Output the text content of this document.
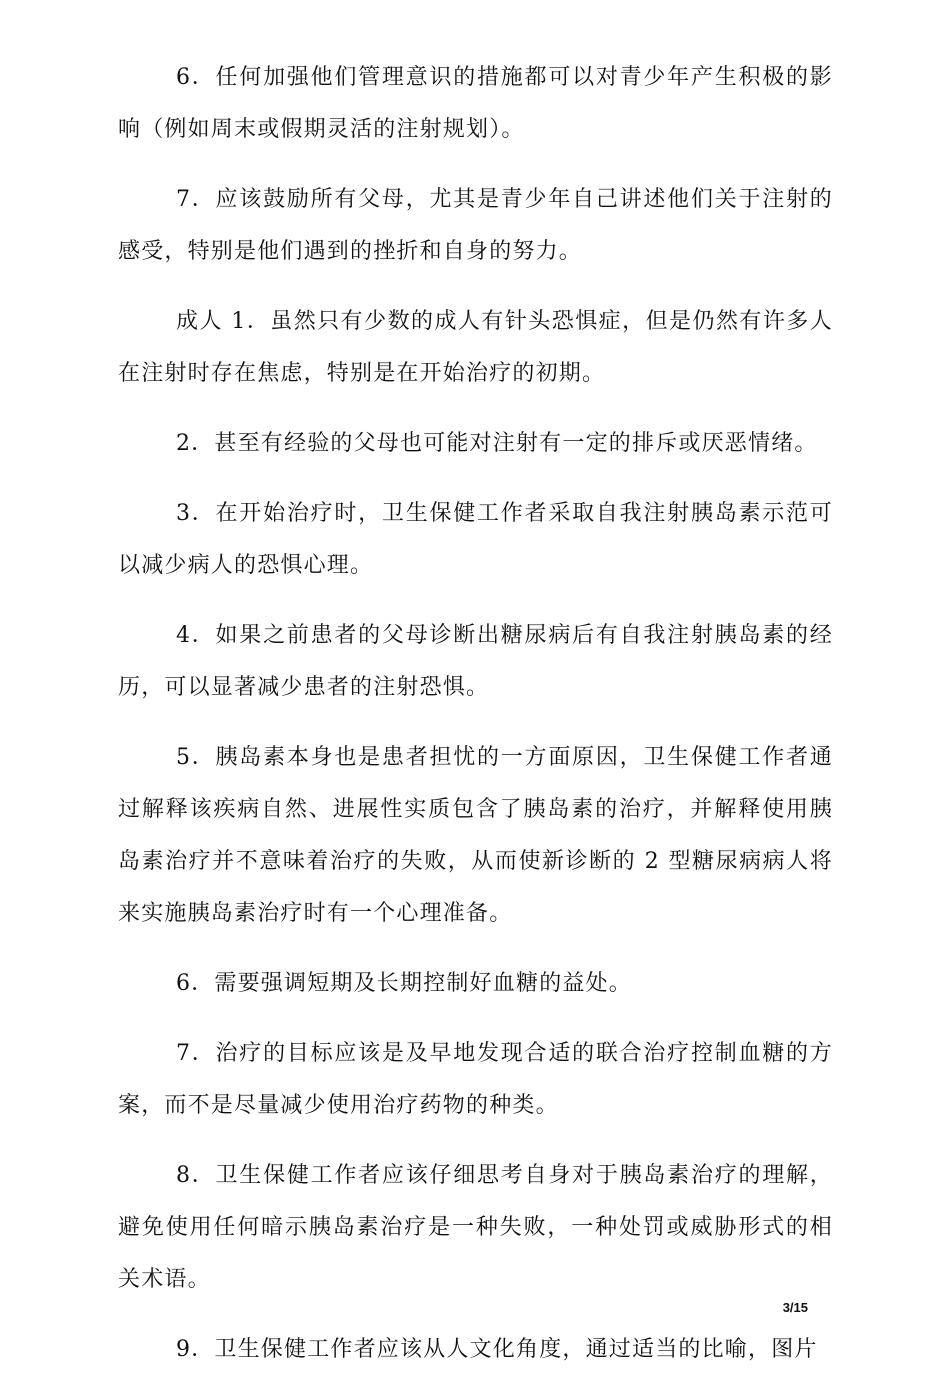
6．任何加强他们管理意识的措施都可以对青少年产生积极的影响（例如周末或假期灵活的注射规划）。

7．应该鼓励所有父母，尤其是青少年自己讲述他们关于注射的感受，特别是他们遇到的挫折和自身的努力。

成人 1．虽然只有少数的成人有针头恐惧症，但是仍然有许多人在注射时存在焦虑，特别是在开始治疗的初期。

2．甚至有经验的父母也可能对注射有一定的排斥或厌恶情绪。

3．在开始治疗时，卫生保健工作者采取自我注射胰岛素示范可以减少病人的恐惧心理。

4．如果之前患者的父母诊断出糖尿病后有自我注射胰岛素的经历，可以显著减少患者的注射恐惧。

5．胰岛素本身也是患者担忧的一方面原因，卫生保健工作者通过解释该疾病自然、进展性实质包含了胰岛素的治疗，并解释使用胰岛素治疗并不意味着治疗的失败，从而使新诊断的 2 型糖尿病病人将来实施胰岛素治疗时有一个心理准备。

6．需要强调短期及长期控制好血糖的益处。

7．治疗的目标应该是及早地发现合适的联合治疗控制血糖的方案，而不是尽量减少使用治疗药物的种类。

8．卫生保健工作者应该仔细思考自身对于胰岛素治疗的理解，避免使用任何暗示胰岛素治疗是一种失败，一种处罚或威胁形式的相关术语。

9．卫生保健工作者应该从人文化角度，通过适当的比喻，图片

3/15
